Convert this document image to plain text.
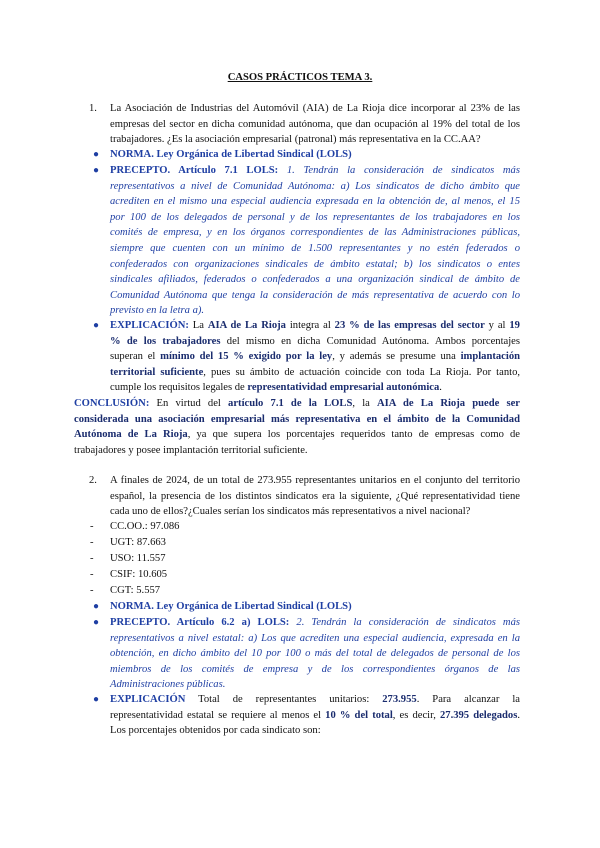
CASOS PRÁCTICOS TEMA 3.
1. La Asociación de Industrias del Automóvil (AIA) de La Rioja dice incorporar al 23% de las
empresas del sector en dicha comunidad autónoma, que dan ocupación al 19% del total de los
trabajadores. ¿Es la asociación empresarial (patronal) más representativa en la CC.AA?
● NORMA. Ley Orgánica de Libertad Sindical (LOLS)
● PRECEPTO. Artículo 7.1 LOLS: 1. Tendrán la consideración de sindicatos más
representativos a nivel de Comunidad Autónoma: a) Los sindicatos de dicho ámbito que
acrediten en el mismo una especial audiencia expresada en la obtención de, al menos, el 15
por 100 de los delegados de personal y de los representantes de los trabajadores en los
comités de empresa, y en los órganos correspondientes de las Administraciones públicas,
siempre que cuenten con un mínimo de 1.500 representantes y no estén federados o
confederados con organizaciones sindicales de ámbito estatal; b) los sindicatos o entes
sindicales afiliados, federados o confederados a una organización sindical de ámbito de
Comunidad Autónoma que tenga la consideración de más representativa de acuerdo con lo
previsto en la letra a).
● EXPLICACIÓN: La AIA de La Rioja integra al 23 % de las empresas del sector y al 19
% de los trabajadores del mismo en dicha Comunidad Autónoma. Ambos porcentajes
superan el mínimo del 15 % exigido por la ley, y además se presume una implantación
territorial suficiente, pues su ámbito de actuación coincide con toda La Rioja. Por tanto,
cumple los requisitos legales de representatividad empresarial autonómica.
CONCLUSIÓN: En virtud del artículo 7.1 de la LOLS, la AIA de La Rioja puede ser
considerada una asociación empresarial más representativa en el ámbito de la Comunidad
Autónoma de La Rioja, ya que supera los porcentajes requeridos tanto de empresas como de
trabajadores y posee implantación territorial suficiente.
2. A finales de 2024, de un total de 273.955 representantes unitarios en el conjunto del territorio
español, la presencia de los distintos sindicatos era la siguiente, ¿Qué representatividad tiene
cada uno de ellos?¿Cuales serían los sindicatos más representativos a nivel nacional?
- CC.OO.: 97.086
- UGT: 87.663
- USO: 11.557
- CSIF: 10.605
- CGT: 5.557
● NORMA. Ley Orgánica de Libertad Sindical (LOLS)
● PRECEPTO. Artículo 6.2 a) LOLS: 2. Tendrán la consideración de sindicatos más
representativos a nivel estatal: a) Los que acrediten una especial audiencia, expresada en la
obtención, en dicho ámbito del 10 por 100 o más del total de delegados de personal de los
miembros de los comités de empresa y de los correspondientes órganos de las
Administraciones públicas.
● EXPLICACIÓN Total de representantes unitarios: 273.955. Para alcanzar la
representatividad estatal se requiere al menos el 10 % del total, es decir, 27.395 delegados.
Los porcentajes obtenidos por cada sindicato son:
